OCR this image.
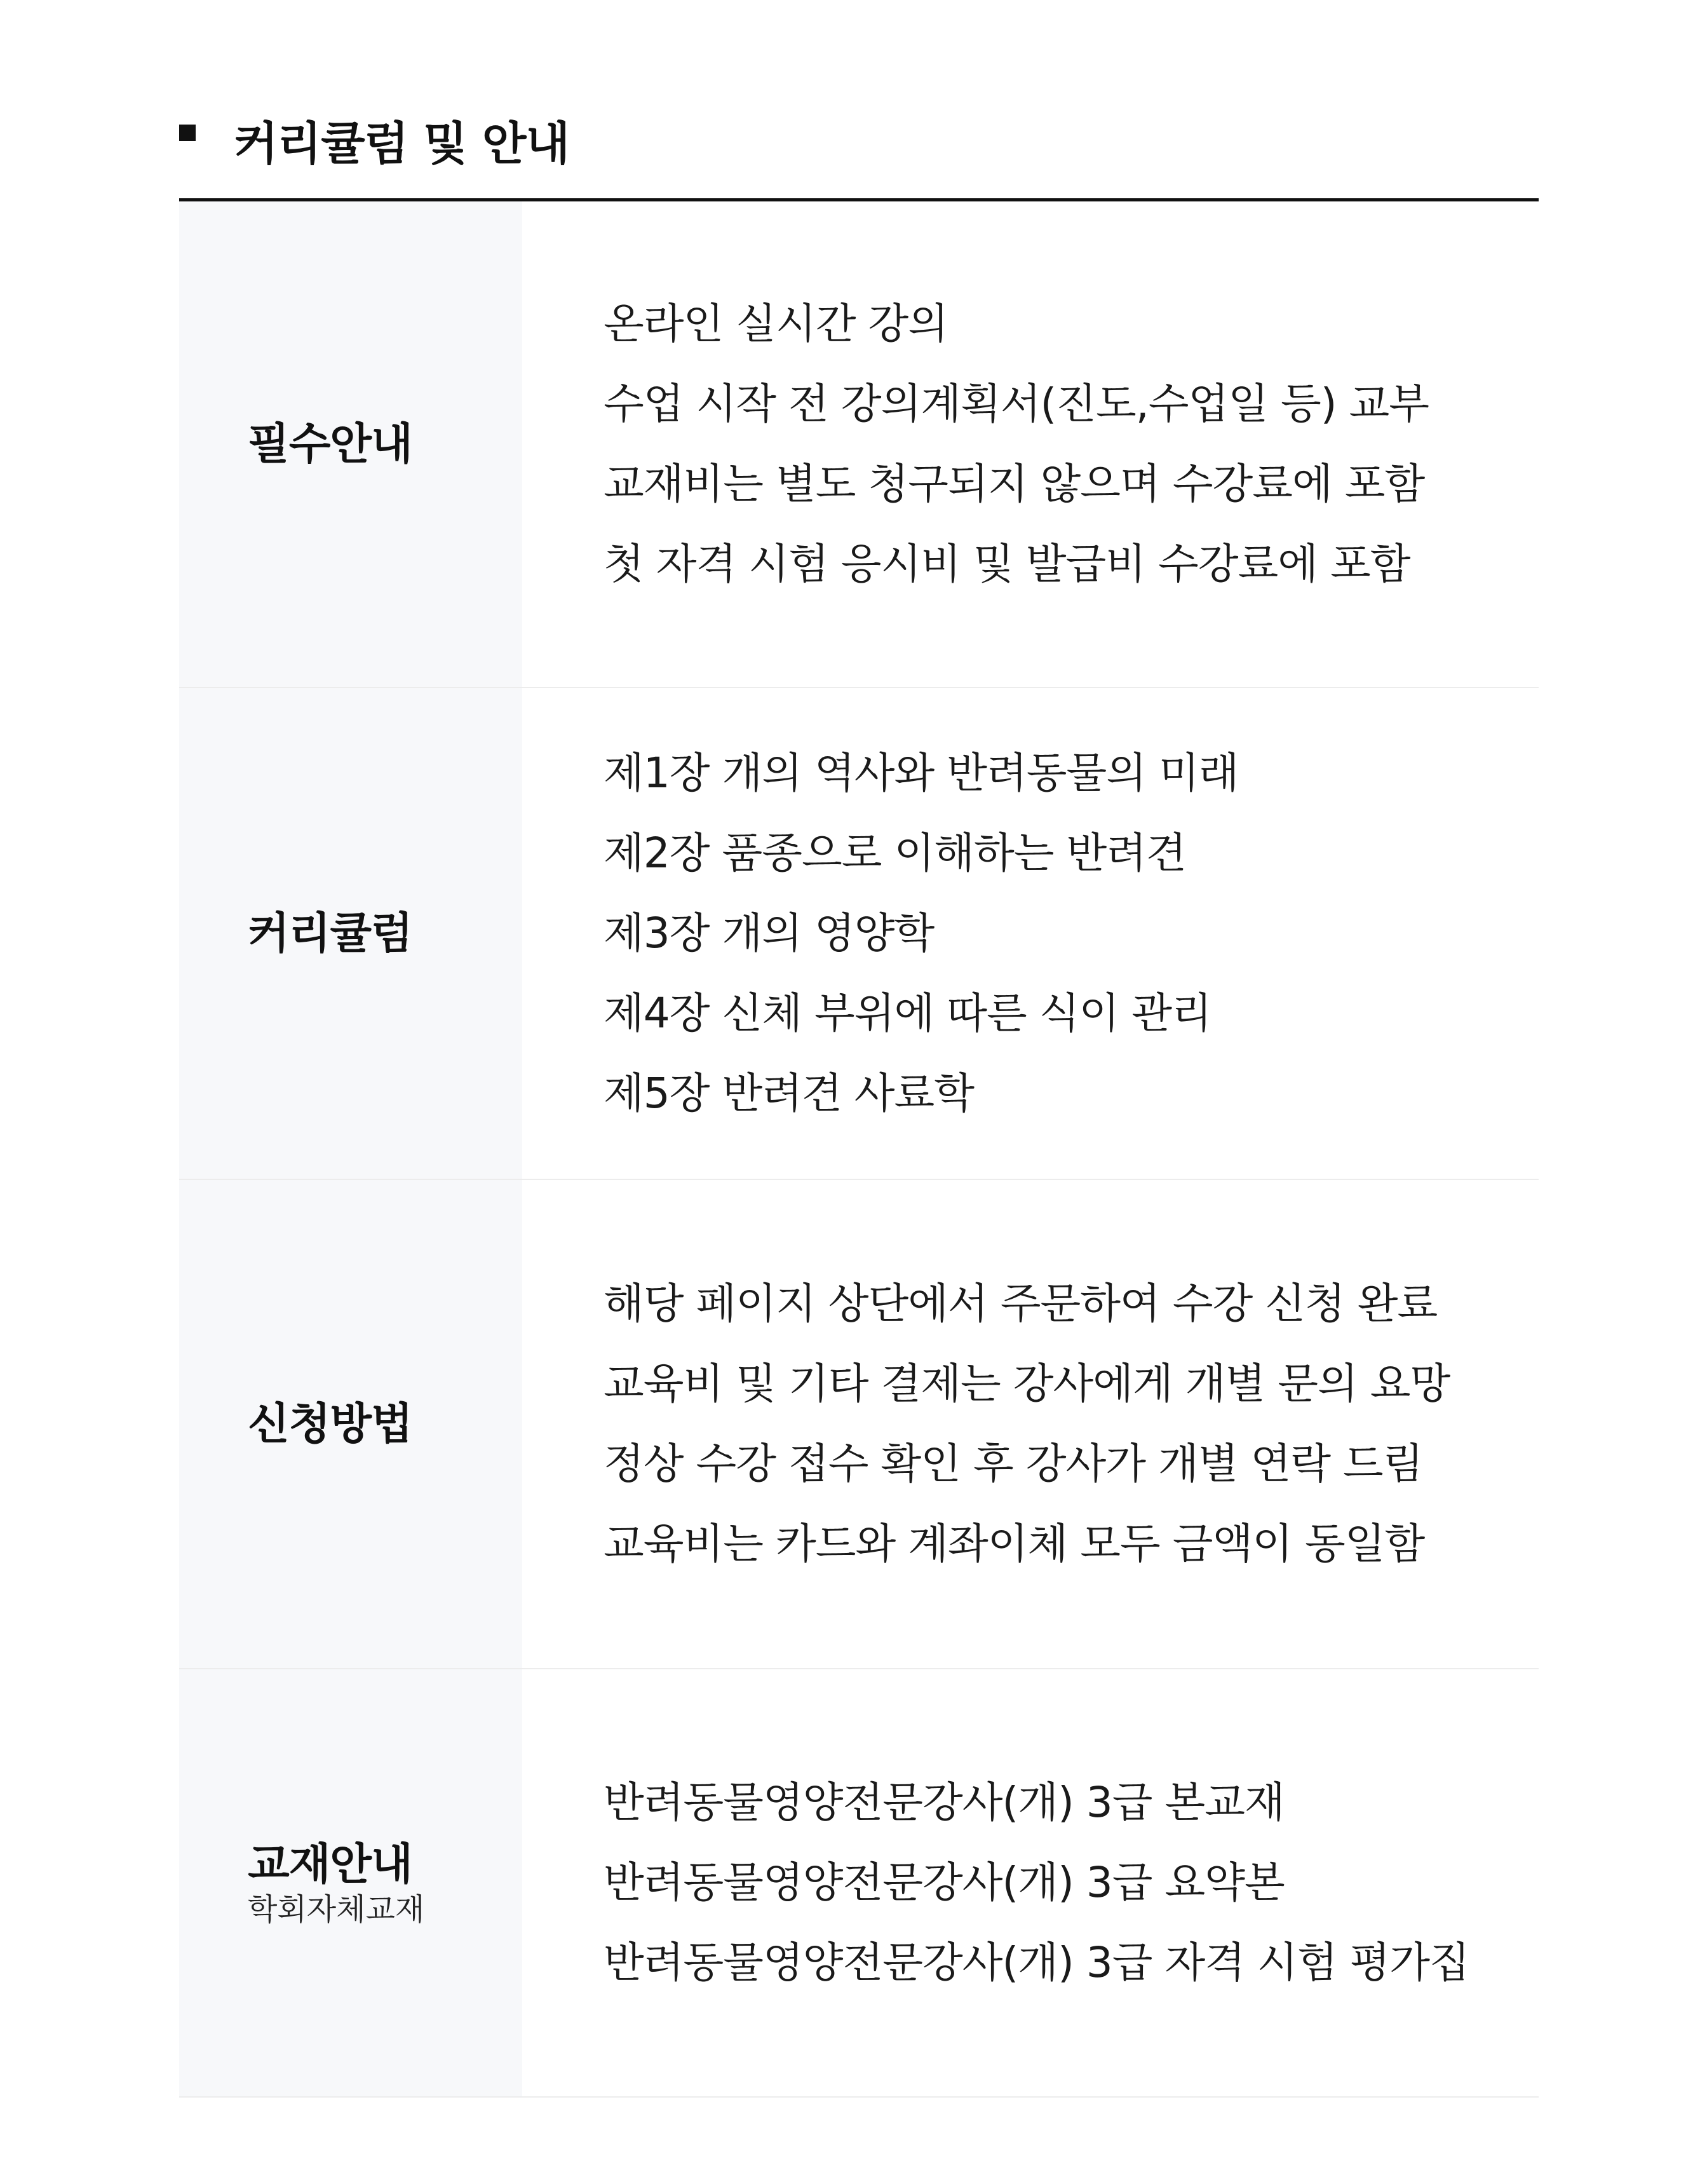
커리큘럼 및 안내
필수안내
온라인 실시간 강의
수업 시작 전 강의계획서(진도,수업일 등) 교부
교재비는 별도 청구되지 않으며 수강료에 포함
첫 자격 시험 응시비 및 발급비 수강료에 포함
커리큘럼
제1장 개의 역사와 반려동물의 미래
제2장 품종으로 이해하는 반려견
제3장 개의 영양학
제4장 신체 부위에 따른 식이 관리
제5장 반려견 사료학
신청방법
해당 페이지 상단에서 주문하여 수강 신청 완료
교육비 및 기타 결제는 강사에게 개별 문의 요망
정상 수강 접수 확인 후 강사가 개별 연락 드림
교육비는 카드와 계좌이체 모두 금액이 동일함
교재안내
학회자체교재
반려동물영양전문강사(개) 3급 본교재
반려동물영양전문강사(개) 3급 요약본
반려동물영양전문강사(개) 3급 자격 시험 평가집
